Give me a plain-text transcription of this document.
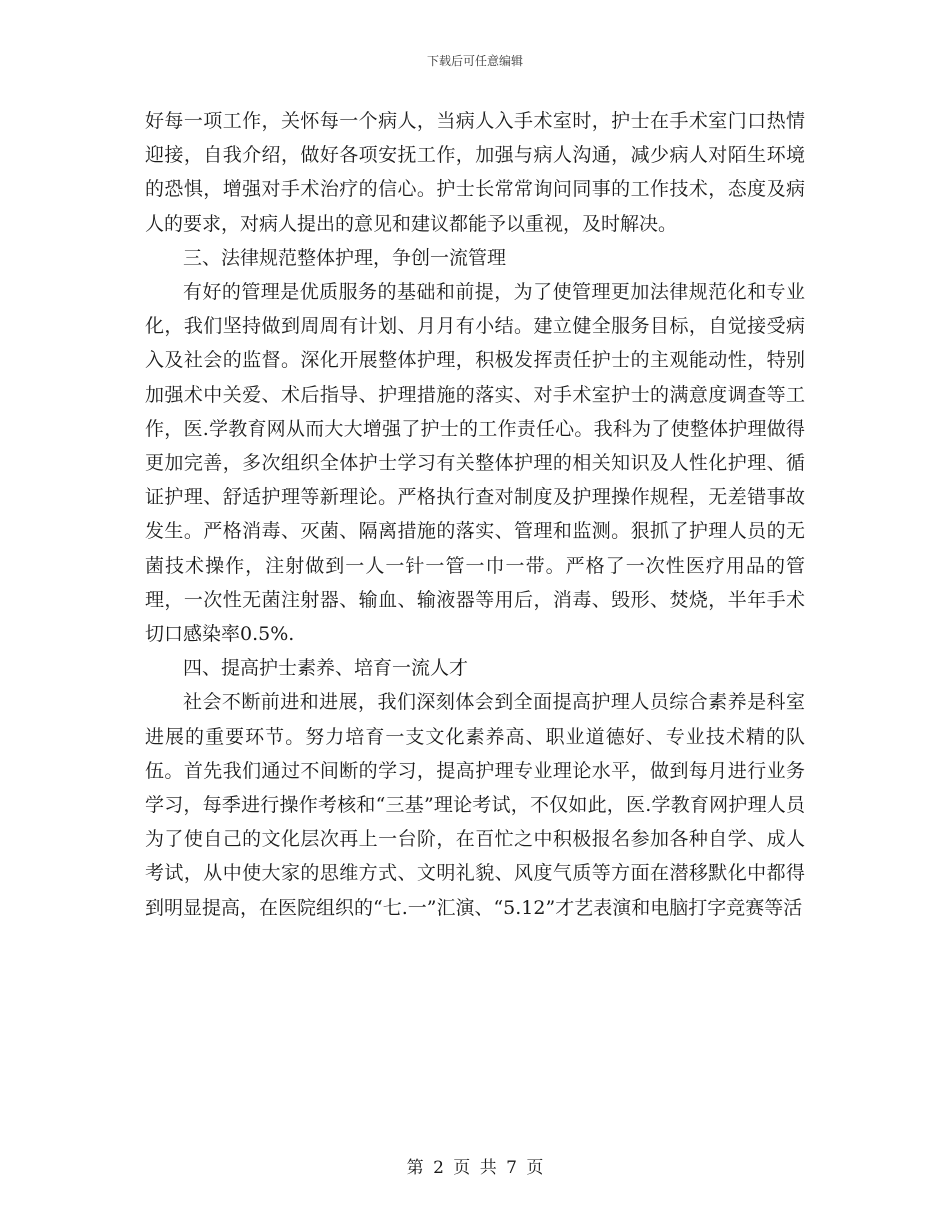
下载后可任意编辑

好每一项工作，关怀每一个病人，当病人入手术室时，护士在手术室门口热情迎接，自我介绍，做好各项安抚工作，加强与病人沟通，减少病人对陌生环境的恐惧，增强对手术治疗的信心。护士长常常询问同事的工作技术，态度及病人的要求，对病人提出的意见和建议都能予以重视，及时解决。

三、法律规范整体护理，争创一流管理

有好的管理是优质服务的基础和前提，为了使管理更加法律规范化和专业化，我们坚持做到周周有计划、月月有小结。建立健全服务目标，自觉接受病入及社会的监督。深化开展整体护理，积极发挥责任护士的主观能动性，特别加强术中关爱、术后指导、护理措施的落实、对手术室护士的满意度调查等工作，医.学教育网从而大大增强了护士的工作责任心。我科为了使整体护理做得更加完善，多次组织全体护士学习有关整体护理的相关知识及人性化护理、循证护理、舒适护理等新理论。严格执行查对制度及护理操作规程，无差错事故发生。严格消毒、灭菌、隔离措施的落实、管理和监测。狠抓了护理人员的无菌技术操作，注射做到一人一针一管一巾一带。严格了一次性医疗用品的管理，一次性无菌注射器、输血、输液器等用后，消毒、毁形、焚烧，半年手术切口感染率0.5%.

四、提高护士素养、培育一流人才

社会不断前进和进展，我们深刻体会到全面提高护理人员综合素养是科室进展的重要环节。努力培育一支文化素养高、职业道德好、专业技术精的队伍。首先我们通过不间断的学习，提高护理专业理论水平，做到每月进行业务学习，每季进行操作考核和“三基”理论考试，不仅如此，医.学教育网护理人员为了使自己的文化层次再上一台阶，在百忙之中积极报名参加各种自学、成人考试，从中使大家的思维方式、文明礼貌、风度气质等方面在潜移默化中都得到明显提高，在医院组织的“七.一”汇演、“5.12”才艺表演和电脑打字竞赛等活

第 2 页 共 7 页
